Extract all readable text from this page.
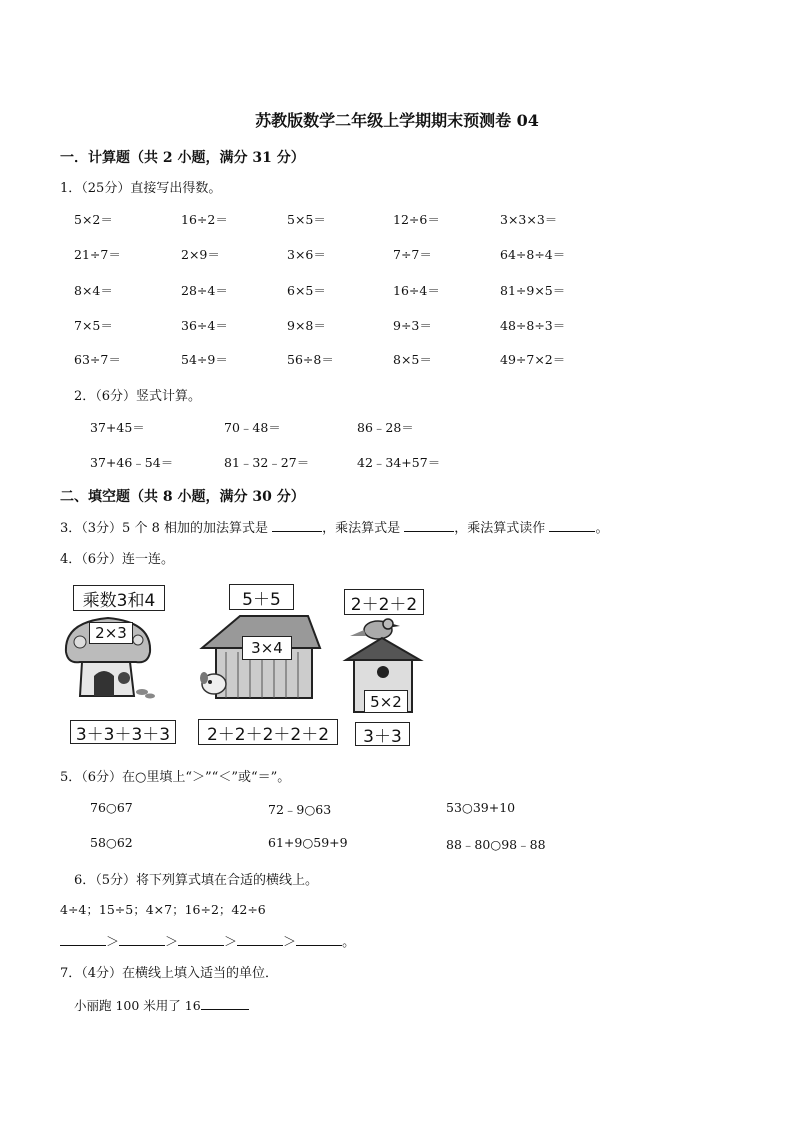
苏教版数学二年级上学期期末预测卷 04
一．计算题（共 2 小题，满分 31 分）
1．（25分）直接写出得数。
5×2＝	16÷2＝	5×5＝	12÷6＝	3×3×3＝
21÷7＝	2×9＝	3×6＝	7÷7＝	64÷8÷4＝
8×4＝	28÷4＝	6×5＝	16÷4＝	81÷9×5＝
7×5＝	36÷4＝	9×8＝	9÷3＝	48÷8÷3＝
63÷7＝	54÷9＝	56÷8＝	8×5＝	49÷7×2＝
2．（6分）竖式计算。
37+45＝	70﹣48＝	86﹣28＝
37+46﹣54＝	81﹣32﹣27＝	42﹣34+57＝
二、填空题（共 8 小题，满分 30 分）
3．（3分）5 个 8 相加的加法算式是	，乘法算式是	，乘法算式读作	。
4．（6分）连一连。
乘数3和4	5＋5	2＋2＋2
2×3
3×4
5×2
3＋3＋3＋3	2＋2＋2＋2＋2	3＋3
5．（6分）在○里填上“＞”“＜”或“＝”。
76○67	72﹣9○63	53○39+10
58○62	61+9○59+9	88﹣80○98﹣88
6．（5分）将下列算式填在合适的横线上。
4÷4；15÷5；4×7；16÷2；42÷6
＞	＞	＞	＞	。
7．（4分）在横线上填入适当的单位．
小丽跑 100 米用了 16
